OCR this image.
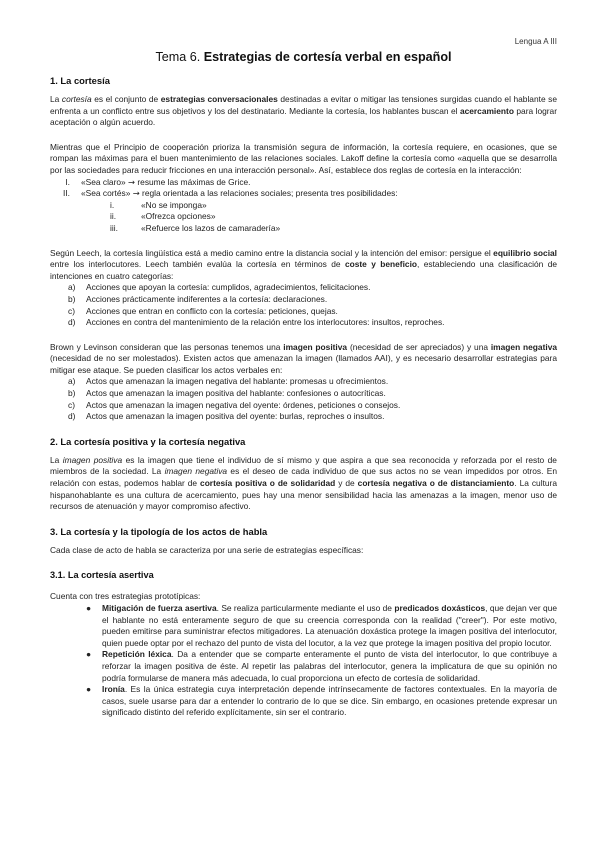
Lengua A III
Tema 6. Estrategias de cortesía verbal en español
1. La cortesía

La cortesía es el conjunto de estrategias conversacionales destinadas a evitar o mitigar las tensiones surgidas cuando el hablante se enfrenta a un conflicto entre sus objetivos y los del destinatario. Mediante la cortesía, los hablantes buscan el acercamiento para lograr aceptación o algún acuerdo.

Mientras que el Principio de cooperación prioriza la transmisión segura de información, la cortesía requiere, en ocasiones, que se rompan las máximas para el buen mantenimiento de las relaciones sociales. Lakoff define la cortesía como «aquella que se desarrolla por las sociedades para reducir fricciones en una interacción personal». Así, establece dos reglas de cortesía en la interacción:

I. «Sea claro» → resume las máximas de Grice.
II. «Sea cortés» → regla orientada a las relaciones sociales; presenta tres posibilidades:
i.	«No se imponga»
ii.	«Ofrezca opciones»
iii.	«Refuerce los lazos de camaradería»

Según Leech, la cortesía lingüística está a medio camino entre la distancia social y la intención del emisor: persigue el equilibrio social entre los interlocutores. Leech también evalúa la cortesía en términos de coste y beneficio, estableciendo una clasificación de intenciones en cuatro categorías:

a) Acciones que apoyan la cortesía: cumplidos, agradecimientos, felicitaciones.
b) Acciones prácticamente indiferentes a la cortesía: declaraciones.
c) Acciones que entran en conflicto con la cortesía: peticiones, quejas.
d) Acciones en contra del mantenimiento de la relación entre los interlocutores: insultos, reproches.

Brown y Levinson consideran que las personas tenemos una imagen positiva (necesidad de ser apreciados) y una imagen negativa (necesidad de no ser molestados). Existen actos que amenazan la imagen (llamados AAI), y es necesario desarrollar estrategias para mitigar ese ataque. Se pueden clasificar los actos verbales en:

a) Actos que amenazan la imagen negativa del hablante: promesas u ofrecimientos.
b) Actos que amenazan la imagen positiva del hablante: confesiones o autocríticas.
c) Actos que amenazan la imagen negativa del oyente: órdenes, peticiones o consejos.
d) Actos que amenazan la imagen positiva del oyente: burlas, reproches o insultos.
2. La cortesía positiva y la cortesía negativa

La imagen positiva es la imagen que tiene el individuo de sí mismo y que aspira a que sea reconocida y reforzada por el resto de miembros de la sociedad. La imagen negativa es el deseo de cada individuo de que sus actos no se vean impedidos por otros. En relación con estas, podemos hablar de cortesía positiva o de solidaridad y de cortesía negativa o de distanciamiento. La cultura hispanohablante es una cultura de acercamiento, pues hay una menor sensibilidad hacia las amenazas a la imagen, menor uso de recursos de atenuación y mayor compromiso afectivo.

3. La cortesía y la tipología de los actos de habla

Cada clase de acto de habla se caracteriza por una serie de estrategias específicas:

3.1. La cortesía asertiva

Cuenta con tres estrategias prototípicas:

● Mitigación de fuerza asertiva. Se realiza particularmente mediante el uso de predicados doxásticos, que dejan ver que el hablante no está enteramente seguro de que su creencia corresponda con la realidad ("creer"). Por este motivo, pueden emitirse para suministrar efectos mitigadores. La atenuación doxástica protege la imagen positiva del interlocutor, quien puede optar por el rechazo del punto de vista del locutor, a la vez que protege la imagen positiva del propio locutor.
● Repetición léxica. Da a entender que se comparte enteramente el punto de vista del interlocutor, lo que contribuye a reforzar la imagen positiva de éste. Al repetir las palabras del interlocutor, genera la implicatura de que su opinión no podría formularse de manera más adecuada, lo cual proporciona un efecto de cortesía de solidaridad.
● Ironía. Es la única estrategia cuya interpretación depende intrínsecamente de factores contextuales. En la mayoría de casos, suele usarse para dar a entender lo contrario de lo que se dice. Sin embargo, en ocasiones pretende expresar un significado distinto del referido explícitamente, sin ser el contrario.
